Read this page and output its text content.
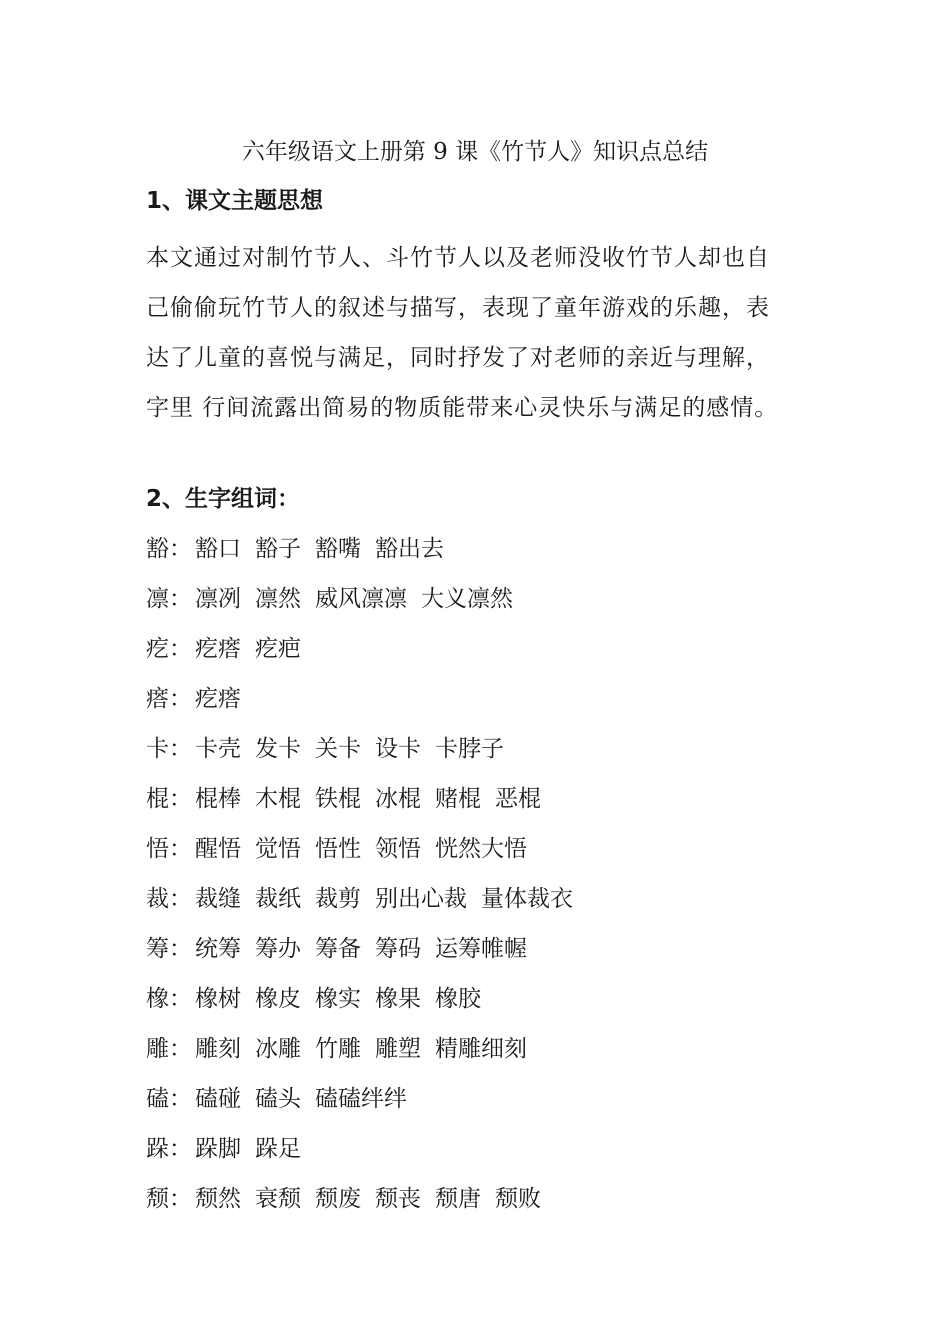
六年级语文上册第 9 课《竹节人》知识点总结
1、课文主题思想
本文通过对制竹节人、斗竹节人以及老师没收竹节人却也自
己偷偷玩竹节人的叙述与描写，表现了童年游戏的乐趣，表
达了儿童的喜悦与满足，同时抒发了对老师的亲近与理解，
字里 行间流露出简易的物质能带来心灵快乐与满足的感情。
2、生字组词：
豁： 豁口 豁子 豁嘴 豁出去
凛： 凛冽 凛然 威风凛凛 大义凛然
疙： 疙瘩 疙疤
瘩： 疙瘩
卡： 卡壳 发卡 关卡 设卡 卡脖子
棍： 棍棒 木棍 铁棍 冰棍 赌棍 恶棍
悟： 醒悟 觉悟 悟性 领悟 恍然大悟
裁： 裁缝 裁纸 裁剪 别出心裁 量体裁衣
筹： 统筹 筹办 筹备 筹码 运筹帷幄
橡： 橡树 橡皮 橡实 橡果 橡胶
雕： 雕刻 冰雕 竹雕 雕塑 精雕细刻
磕： 磕碰 磕头 磕磕绊绊
跺： 跺脚 跺足
颓： 颓然 衰颓 颓废 颓丧 颓唐 颓败
